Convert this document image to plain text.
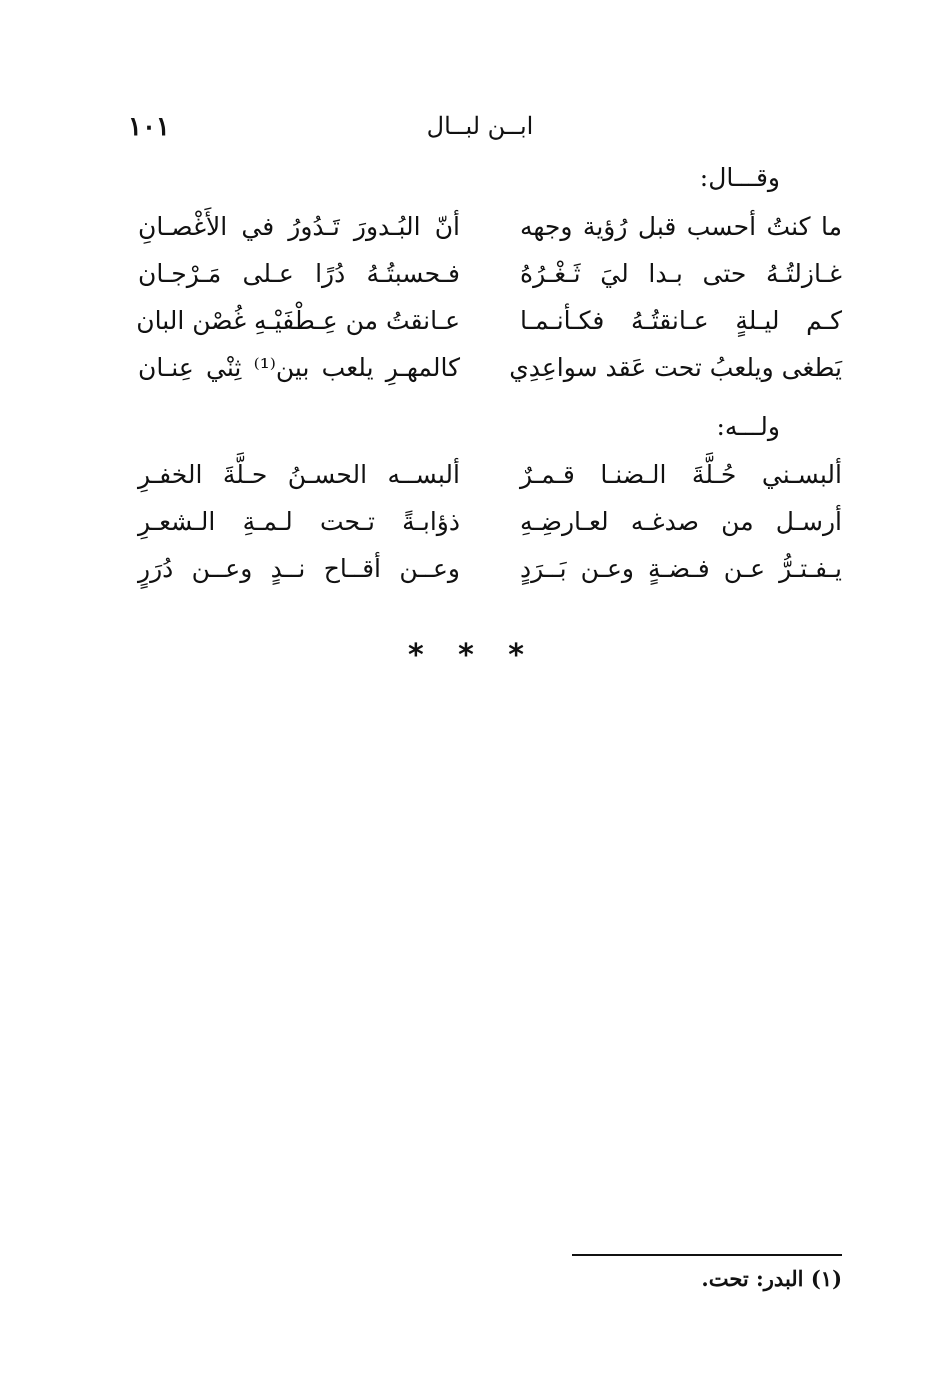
١٠١	ابــن لبــال
وقـــال:
ما كنتُ أحسب قبل رُؤية وجهه
أنّ البُـدورَ تَـدُورُ في الأَغْصـانِ
غـازلتُـهُ حتى بـدا ليَ ثَـغْـرُهُ
فـحسبتُـهُ دُرًا عـلى مَـرْجـان
كـم ليـلةٍ عـانقتُـهُ فكـأنـمـا
عـانقتُ من عِـطْفَيْـهِ غُصْن البان
يَطغى ويلعبُ تحت عَقد سواعِدِي
كالمهـرِ يلعب بين⁽¹⁾ ثِنْي عِنـان
ولـــه:
ألبسـني حُـلَّةَ الـضنـا قـمـرٌ
ألبســه الحسـنُ حـلَّةَ الخفـرِ
أرسـل من صدغـه لعـارضِـهِ
ذؤابـةً تـحت لـمـةِ الـشعـرِ
يـفـتـرُّ عـن فـضـةٍ وعـن بَــرَدٍ
وعــن أقــاح نــدٍ وعــن دُرَرٍ
* * *
(١) البدر: تحت.
